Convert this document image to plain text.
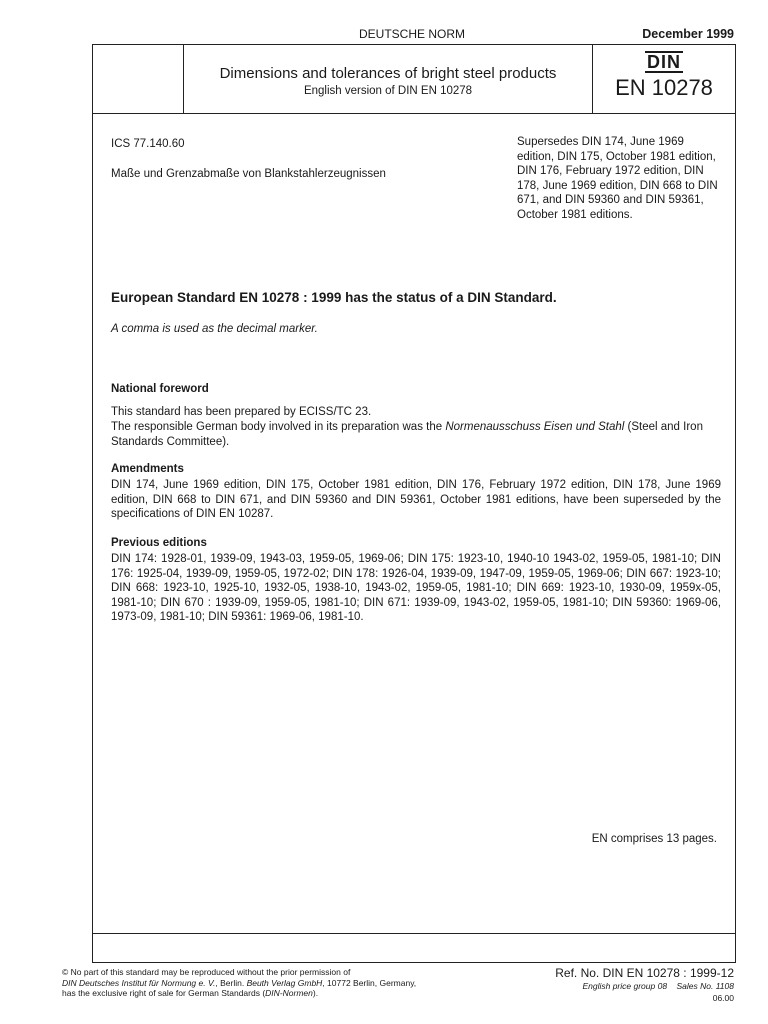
DEUTSCHE NORM	December 1999
Dimensions and tolerances of bright steel products
English version of DIN EN 10278
DIN
EN 10278
ICS 77.140.60
Maße und Grenzabmaße von Blankstahlerzeugnissen
Supersedes DIN 174, June 1969 edition, DIN 175, October 1981 edition, DIN 176, February 1972 edition, DIN 178, June 1969 edition, DIN 668 to DIN 671, and DIN 59360 and DIN 59361, October 1981 editions.
European Standard EN 10278 : 1999 has the status of a DIN Standard.
A comma is used as the decimal marker.
National foreword
This standard has been prepared by ECISS/TC 23.
The responsible German body involved in its preparation was the Normenausschuss Eisen und Stahl (Steel and Iron Standards Committee).
Amendments
DIN 174, June 1969 edition, DIN 175, October 1981 edition, DIN 176, February 1972 edition, DIN 178, June 1969 edition, DIN 668 to DIN 671, and DIN 59360 and DIN 59361, October 1981 editions, have been superseded by the specifications of DIN EN 10287.
Previous editions
DIN 174: 1928-01, 1939-09, 1943-03, 1959-05, 1969-06; DIN 175: 1923-10, 1940-10 1943-02, 1959-05, 1981-10; DIN 176: 1925-04, 1939-09, 1959-05, 1972-02; DIN 178: 1926-04, 1939-09, 1947-09, 1959-05, 1969-06; DIN 667: 1923-10; DIN 668: 1923-10, 1925-10, 1932-05, 1938-10, 1943-02, 1959-05, 1981-10; DIN 669: 1923-10, 1930-09, 1959x-05, 1981-10; DIN 670 : 1939-09, 1959-05, 1981-10; DIN 671: 1939-09, 1943-02, 1959-05, 1981-10; DIN 59360: 1969-06, 1973-09, 1981-10; DIN 59361: 1969-06, 1981-10.
EN comprises 13 pages.
© No part of this standard may be reproduced without the prior permission of
DIN Deutsches Institut für Normung e. V., Berlin. Beuth Verlag GmbH, 10772 Berlin, Germany,
has the exclusive right of sale for German Standards (DIN-Normen).
Ref. No. DIN EN 10278 : 1999-12
English price group 08    Sales No. 1108
06.00
